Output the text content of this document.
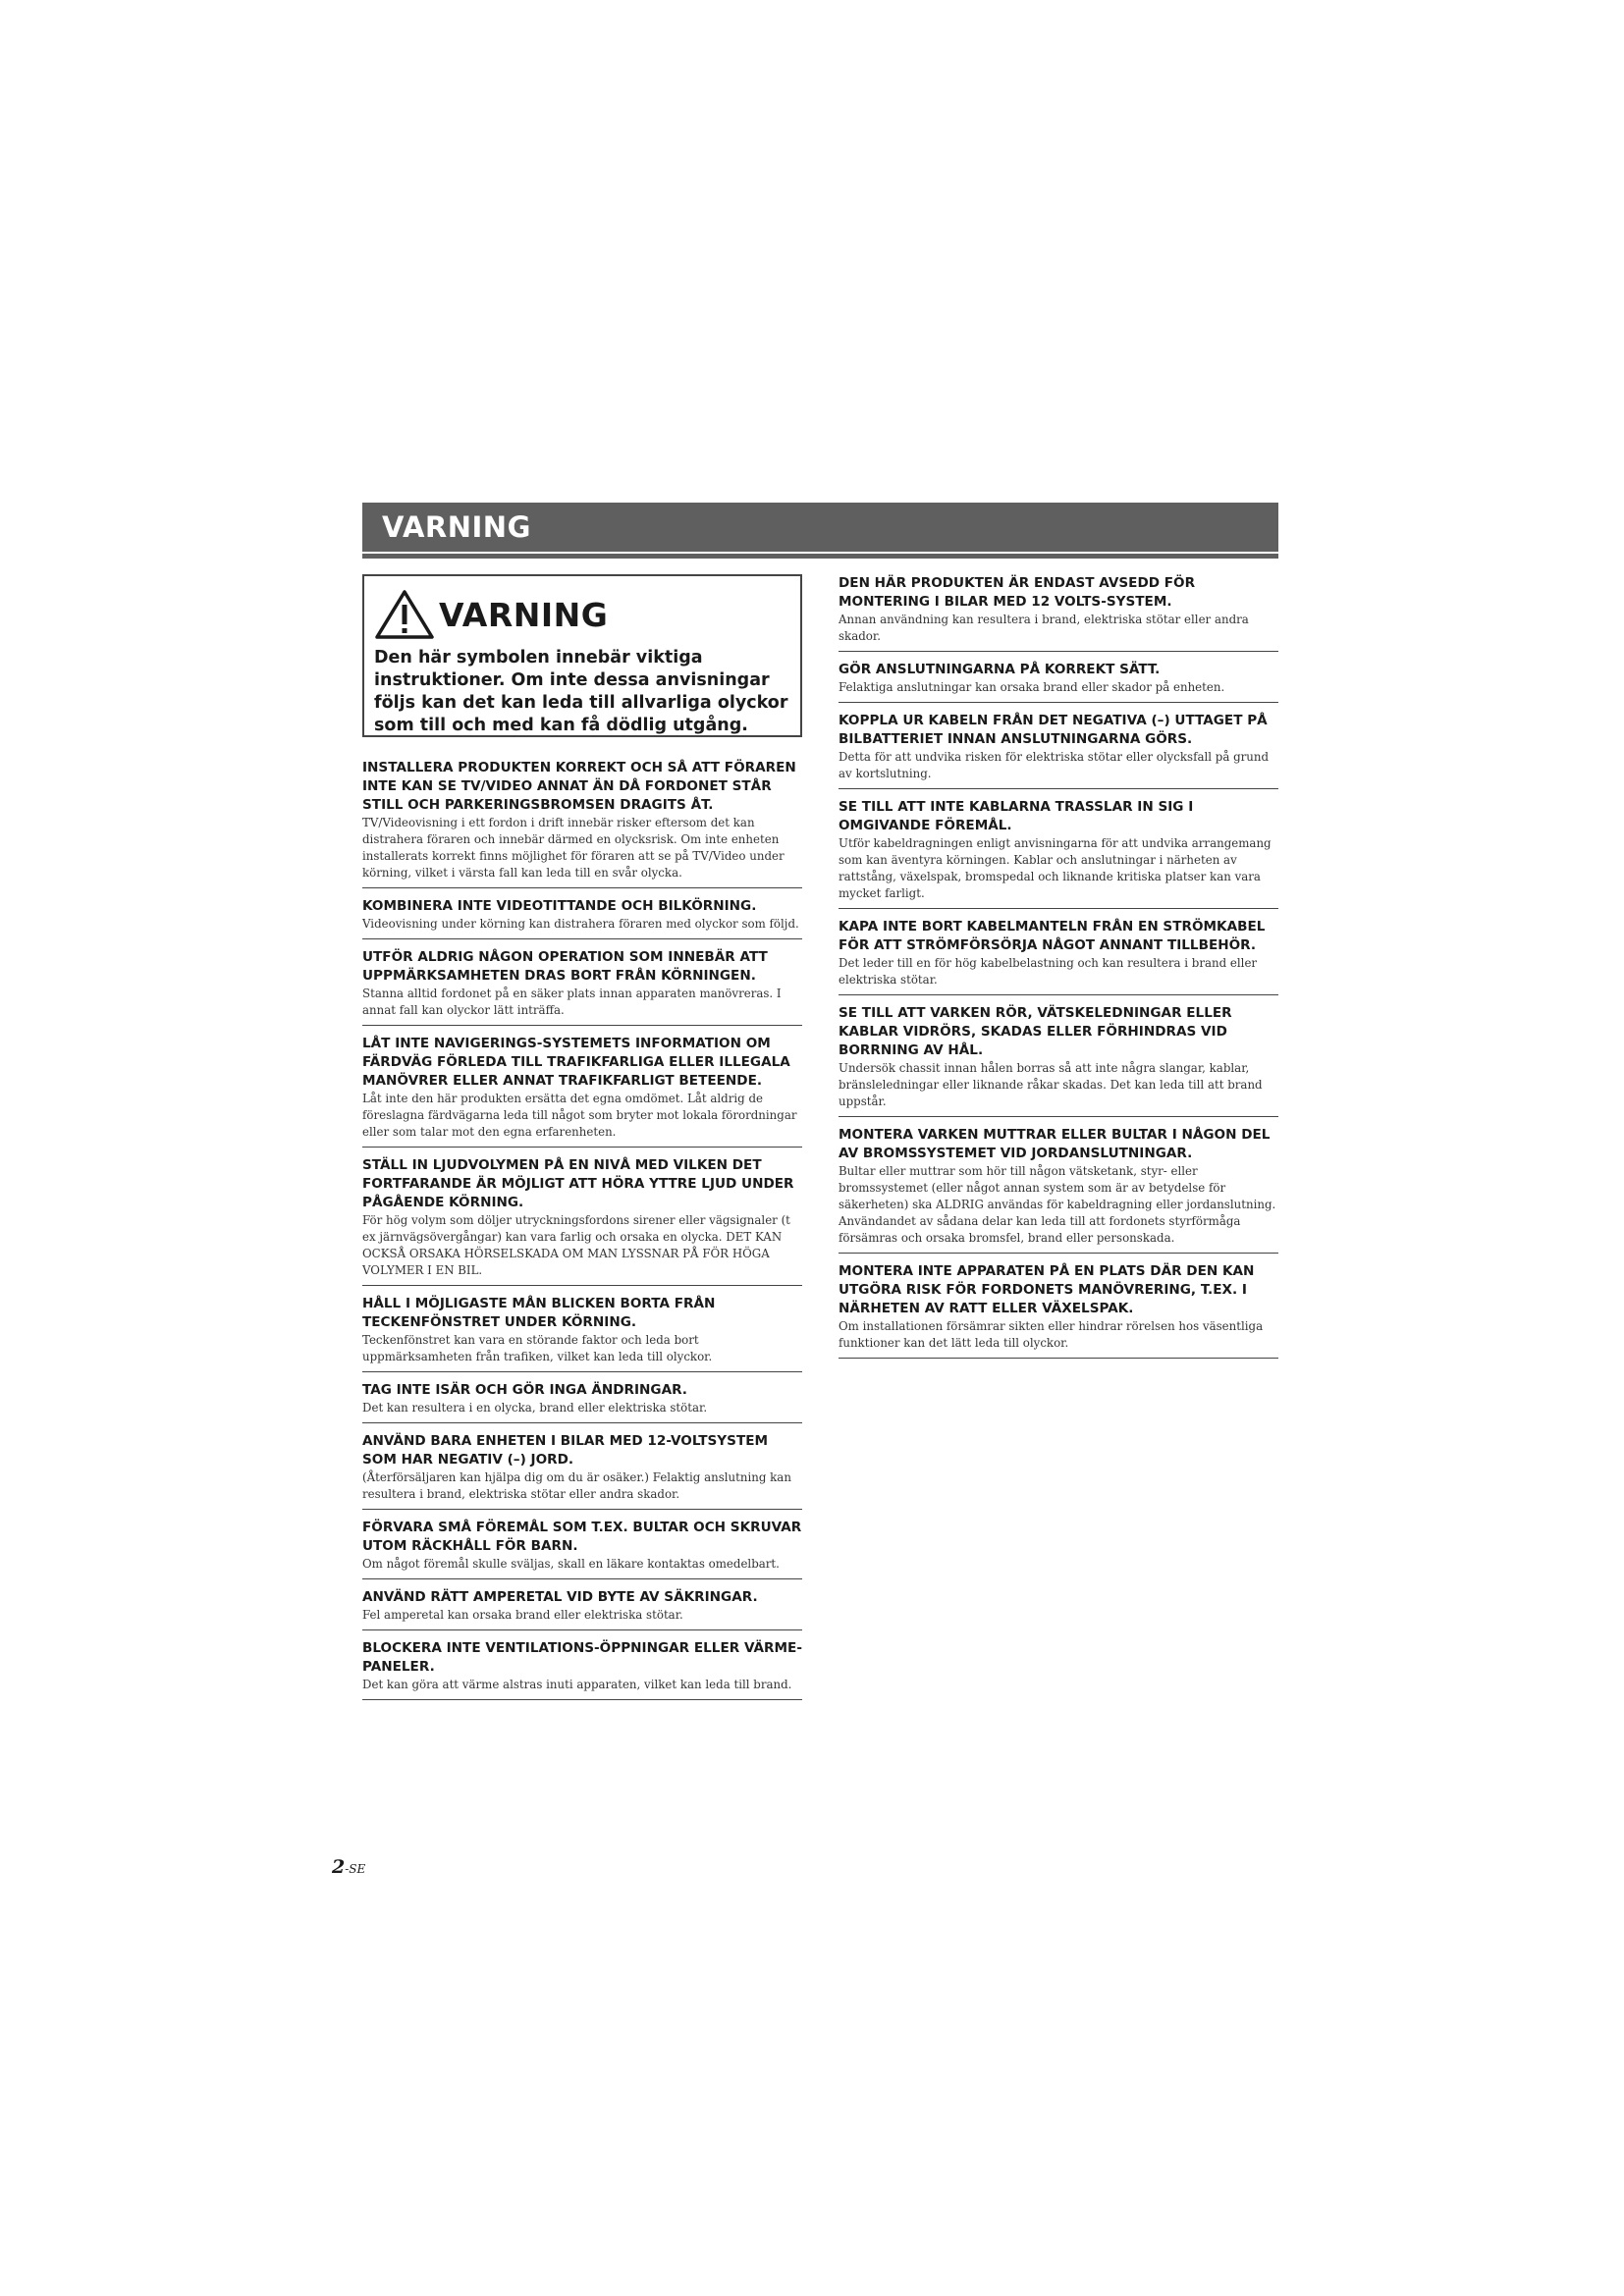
VARNING
VARNING
Den här symbolen innebär viktiga instruktioner. Om inte dessa anvisningar följs kan det kan leda till allvarliga olyckor som till och med kan få dödlig utgång.
INSTALLERA PRODUKTEN KORREKT OCH SÅ ATT FÖRAREN INTE KAN SE TV/VIDEO ANNAT ÄN DÅ FORDONET STÅR STILL OCH PARKERINGSBROMSEN DRAGITS ÅT.
TV/Videovisning i ett fordon i drift innebär risker eftersom det kan distrahera föraren och innebär därmed en olycksrisk. Om inte enheten installerats korrekt finns möjlighet för föraren att se på TV/Video under körning, vilket i värsta fall kan leda till en svår olycka.
KOMBINERA INTE VIDEOTITTANDE OCH BILKÖRNING.
Videovisning under körning kan distrahera föraren med olyckor som följd.
UTFÖR ALDRIG NÅGON OPERATION SOM INNEBÄR ATT UPPMÄRKSAMHETEN DRAS BORT FRÅN KÖRNINGEN.
Stanna alltid fordonet på en säker plats innan apparaten manövreras. I annat fall kan olyckor lätt inträffa.
LÅT INTE NAVIGERINGS-SYSTEMETS INFORMATION OM FÄRDVÄG FÖRLEDA TILL TRAFIKFARLIGA ELLER ILLEGALA MANÖVRER ELLER ANNAT TRAFIKFARLIGT BETEENDE.
Låt inte den här produkten ersätta det egna omdömet. Låt aldrig de föreslagna färdvägarna leda till något som bryter mot lokala förordningar eller som talar mot den egna erfarenheten.
STÄLL IN LJUDVOLYMEN PÅ EN NIVÅ MED VILKEN DET FORTFARANDE ÄR MÖJLIGT ATT HÖRA YTTRE LJUD UNDER PÅGÅENDE KÖRNING.
För hög volym som döljer utryckningsfordons sirener eller vägsignaler (t ex järnvägsövergångar) kan vara farlig och orsaka en olycka. DET KAN OCKSÅ ORSAKA HÖRSELSKADA OM MAN LYSSNAR PÅ FÖR HÖGA VOLYMER I EN BIL.
HÅLL I MÖJLIGASTE MÅN BLICKEN BORTA FRÅN TECKENFÖNSTRET UNDER KÖRNING.
Teckenfönstret kan vara en störande faktor och leda bort uppmärksamheten från trafiken, vilket kan leda till olyckor.
TAG INTE ISÄR OCH GÖR INGA ÄNDRINGAR.
Det kan resultera i en olycka, brand eller elektriska stötar.
ANVÄND BARA ENHETEN I BILAR MED 12-VOLTSYSTEM SOM HAR NEGATIV (–) JORD.
(Återförsäljaren kan hjälpa dig om du är osäker.) Felaktig anslutning kan resultera i brand, elektriska stötar eller andra skador.
FÖRVARA SMÅ FÖREMÅL SOM T.EX. BULTAR OCH SKRUVAR UTOM RÄCKHÅLL FÖR BARN.
Om något föremål skulle sväljas, skall en läkare kontaktas omedelbart.
ANVÄND RÄTT AMPERETAL VID BYTE AV SÄKRINGAR.
Fel amperetal kan orsaka brand eller elektriska stötar.
BLOCKERA INTE VENTILATIONS-ÖPPNINGAR ELLER VÄRME-PANELER.
Det kan göra att värme alstras inuti apparaten, vilket kan leda till brand.
DEN HÄR PRODUKTEN ÄR ENDAST AVSEDD FÖR MONTERING I BILAR MED 12 VOLTS-SYSTEM.
Annan användning kan resultera i brand, elektriska stötar eller andra skador.
GÖR ANSLUTNINGARNA PÅ KORREKT SÄTT.
Felaktiga anslutningar kan orsaka brand eller skador på enheten.
KOPPLA UR KABELN FRÅN DET NEGATIVA (–) UTTAGET PÅ BILBATTERIET INNAN ANSLUTNINGARNA GÖRS.
Detta för att undvika risken för elektriska stötar eller olycksfall på grund av kortslutning.
SE TILL ATT INTE KABLARNA TRASSLAR IN SIG I OMGIVANDE FÖREMÅL.
Utför kabeldragningen enligt anvisningarna för att undvika arrangemang som kan äventyra körningen. Kablar och anslutningar i närheten av rattstång, växelspak, bromspedal och liknande kritiska platser kan vara mycket farligt.
KAPA INTE BORT KABELMANTELN FRÅN EN STRÖMKABEL FÖR ATT STRÖMFÖRSÖRJA NÅGOT ANNANT TILLBEHÖR.
Det leder till en för hög kabelbelastning och kan resultera i brand eller elektriska stötar.
SE TILL ATT VARKEN RÖR, VÄTSKELEDNINGAR ELLER KABLAR VIDRÖRS, SKADAS ELLER FÖRHINDRAS VID BORRNING AV HÅL.
Undersök chassit innan hålen borras så att inte några slangar, kablar, bränsleledningar eller liknande råkar skadas. Det kan leda till att brand uppstår.
MONTERA VARKEN MUTTRAR ELLER BULTAR I NÅGON DEL AV BROMSSYSTEMET VID JORDANSLUTNINGAR.
Bultar eller muttrar som hör till någon vätsketank, styr- eller bromssystemet (eller något annan system som är av betydelse för säkerheten) ska ALDRIG användas för kabeldragning eller jordanslutning. Användandet av sådana delar kan leda till att fordonets styrförmåga försämras och orsaka bromsfel, brand eller personskada.
MONTERA INTE APPARATEN PÅ EN PLATS DÄR DEN KAN UTGÖRA RISK FÖR FORDONETS MANÖVRERING, T.EX. I NÄRHETEN AV RATT ELLER VÄXELSPAK.
Om installationen försämrar sikten eller hindrar rörelsen hos väsentliga funktioner kan det lätt leda till olyckor.
2-SE
